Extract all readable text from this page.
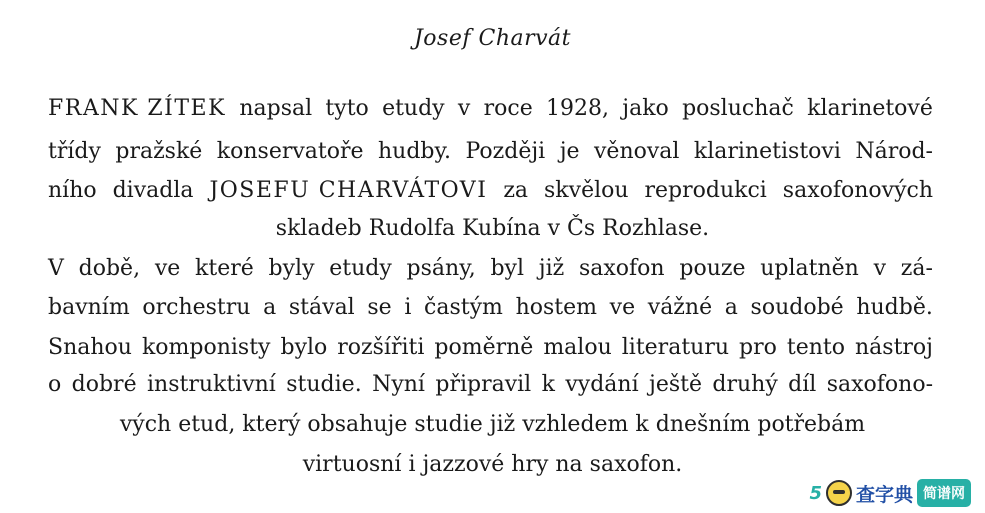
Josef Charvát
FRANK ZÍTEK napsal tyto etudy v roce 1928, jako posluchač klarinetové
třídy pražské konservatoře hudby. Později je věnoval klarinetistovi Národ-
ního divadla JOSEFU CHARVÁTOVI za skvělou reprodukci saxofonových
skladeb Rudolfa Kubína v Čs Rozhlase.
V době, ve které byly etudy psány, byl již saxofon pouze uplatněn v zá-
bavním orchestru a stával se i častým hostem ve vážné a soudobé hudbě.
Snahou komponisty bylo rozšířiti poměrně malou literaturu pro tento nástroj
o dobré instruktivní studie. Nyní připravil k vydání ještě druhý díl saxofono-
vých etud, který obsahuje studie již vzhledem k dnešním potřebám
virtuosní i jazzové hry na saxofon.
5 查字典 简谱网
